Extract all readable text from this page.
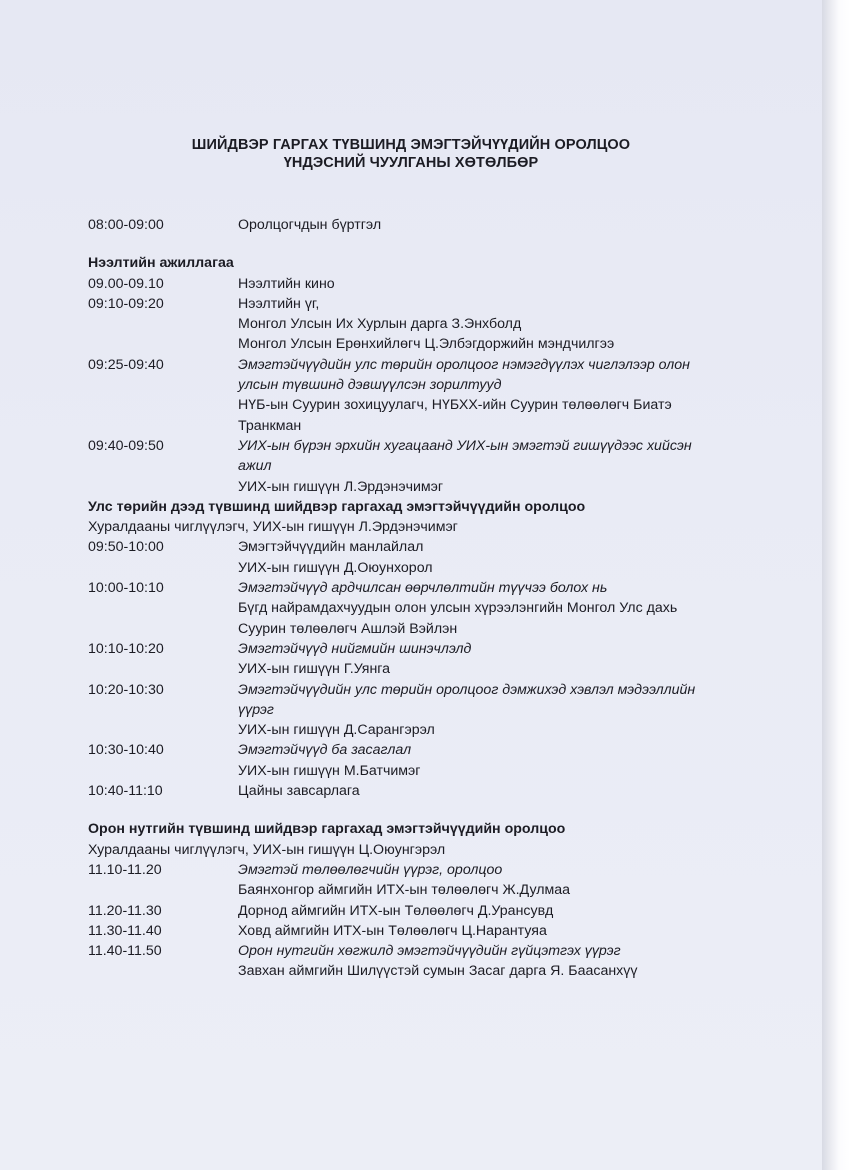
ШИЙДВЭР ГАРГАХ ТҮВШИНД ЭМЭГТЭЙЧҮҮДИЙН ОРОЛЦОО
ҮНДЭСНИЙ ЧУУЛГАНЫ ХӨТӨЛБӨР
08:00-09:00	Оролцогчдын бүртгэл
Нээлтийн ажиллагаа
09.00-09.10	Нээлтийн кино
09:10-09:20	Нээлтийн үг,
Монгол Улсын Их Хурлын дарга З.Энхболд
Монгол Улсын Ерөнхийлөгч Ц.Элбэгдоржийн мэндчилгээ
09:25-09:40	Эмэгтэйчүүдийн улс төрийн оролцоог нэмэгдүүлэх чиглэлээр олон
улсын түвшинд дэвшүүлсэн зорилтууд
НҮБ-ын Суурин зохицуулагч, НҮБХХ-ийн Суурин төлөөлөгч Биатэ
Транкман
09:40-09:50	УИХ-ын бүрэн эрхийн хугацаанд УИХ-ын эмэгтэй гишүүдээс хийсэн
ажил
УИХ-ын гишүүн Л.Эрдэнэчимэг
Улс төрийн дээд түвшинд шийдвэр гаргахад эмэгтэйчүүдийн оролцоо
Хуралдааны чиглүүлэгч, УИХ-ын гишүүн Л.Эрдэнэчимэг
09:50-10:00	Эмэгтэйчүүдийн манлайлал
УИХ-ын гишүүн Д.Оюунхорол
10:00-10:10	Эмэгтэйчүүд ардчилсан өөрчлөлтийн түүчээ болох нь
Бүгд найрамдахчуудын олон улсын хүрээлэнгийн Монгол Улс дахь
Суурин төлөөлөгч Ашлэй Вэйлэн
10:10-10:20	Эмэгтэйчүүд нийгмийн шинэчлэлд
УИХ-ын гишүүн Г.Уянга
10:20-10:30	Эмэгтэйчүүдийн улс төрийн оролцоог дэмжихэд хэвлэл мэдээллийн
үүрэг
УИХ-ын гишүүн Д.Сарангэрэл
10:30-10:40	Эмэгтэйчүүд ба засаглал
УИХ-ын гишүүн М.Батчимэг
10:40-11:10	Цайны завсарлага
Орон нутгийн түвшинд шийдвэр гаргахад эмэгтэйчүүдийн оролцоо
Хуралдааны чиглүүлэгч, УИХ-ын гишүүн Ц.Оюунгэрэл
11.10-11.20	Эмэгтэй төлөөлөгчийн үүрэг, оролцоо
Баянхонгор аймгийн ИТХ-ын төлөөлөгч Ж.Дулмаа
11.20-11.30	Дорнод аймгийн ИТХ-ын Төлөөлөгч Д.Урансувд
11.30-11.40	Ховд аймгийн ИТХ-ын Төлөөлөгч Ц.Нарантуяа
11.40-11.50	Орон нутгийн хөгжилд эмэгтэйчүүдийн гүйцэтгэх үүрэг
Завхан аймгийн Шилүүстэй сумын Засаг дарга Я. Баасанхүү
